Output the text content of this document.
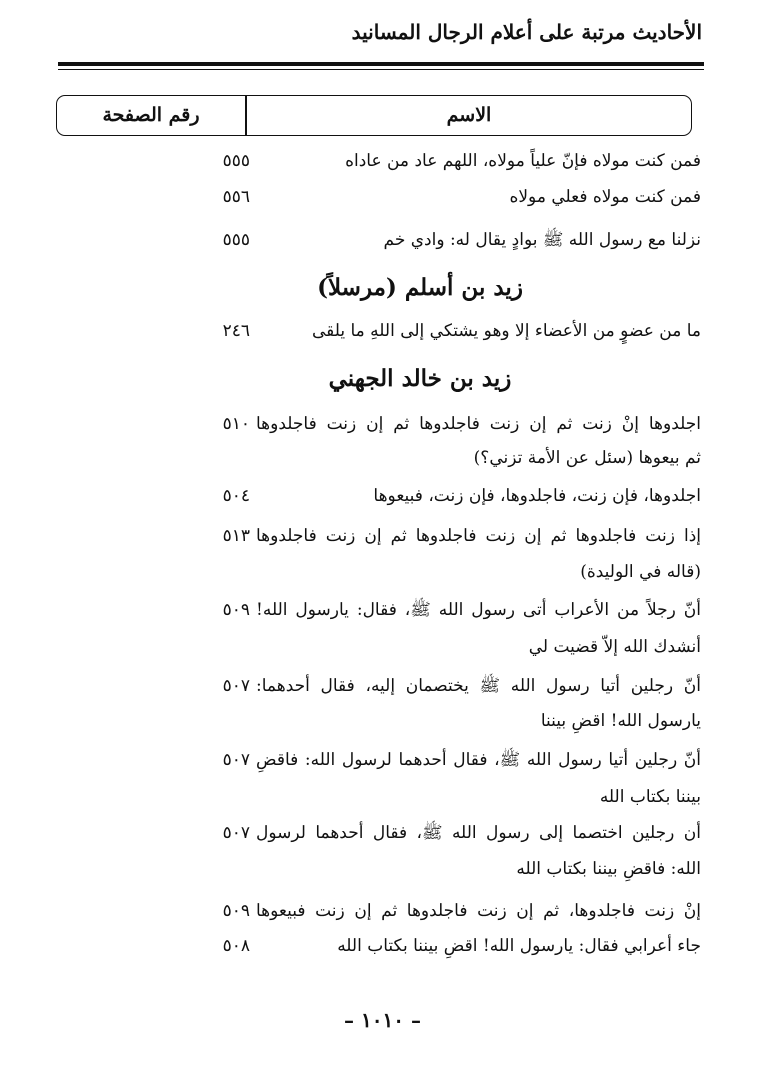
الأحاديث مرتبة على أعلام الرجال المسانيد
رقم الصفحة	الاسم
فمن كنت مولاه فإنّ علياً مولاه، اللهم عاد من عاداه
٥٥٥
فمن كنت مولاه فعلي مولاه
٥٥٦
نزلنا مع رسول الله ﷺ بوادٍ يقال له: وادي خم
٥٥٥
زيد بن أسلم (مرسلاً)
ما من عضوٍ من الأعضاء إلا وهو يشتكي إلى اللهِ ما يلقى
٢٤٦
زيد بن خالد الجهني
اجلدوها إنْ زنت ثم إن زنت فاجلدوها ثم إن زنت فاجلدوها
٥١٠
ثم بيعوها (سئل عن الأمة تزني؟)
اجلدوها، فإن زنت، فاجلدوها، فإن زنت، فبيعوها
٥٠٤
إذا زنت فاجلدوها ثم إن زنت فاجلدوها ثم إن زنت فاجلدوها
٥١٣
(قاله في الوليدة)
أنّ رجلاً من الأعراب أتى رسول الله ﷺ، فقال: يارسول الله!
٥٠٩
أنشدك الله إلاّ قضيت لي
أنّ رجلين أتيا رسول الله ﷺ يختصمان إليه، فقال أحدهما:
٥٠٧
يارسول الله! اقضِ بيننا
أنّ رجلين أتيا رسول الله ﷺ، فقال أحدهما لرسول الله: فاقضِ
٥٠٧
بيننا بكتاب الله
أن رجلين اختصما إلى رسول الله ﷺ، فقال أحدهما لرسول
٥٠٧
الله: فاقضِ بيننا بكتاب الله
إنْ زنت فاجلدوها، ثم إن زنت فاجلدوها ثم إن زنت فبيعوها
٥٠٩
جاء أعرابي فقال: يارسول الله! اقضِ بيننا بكتاب الله
٥٠٨
– ١٠١٠ –
